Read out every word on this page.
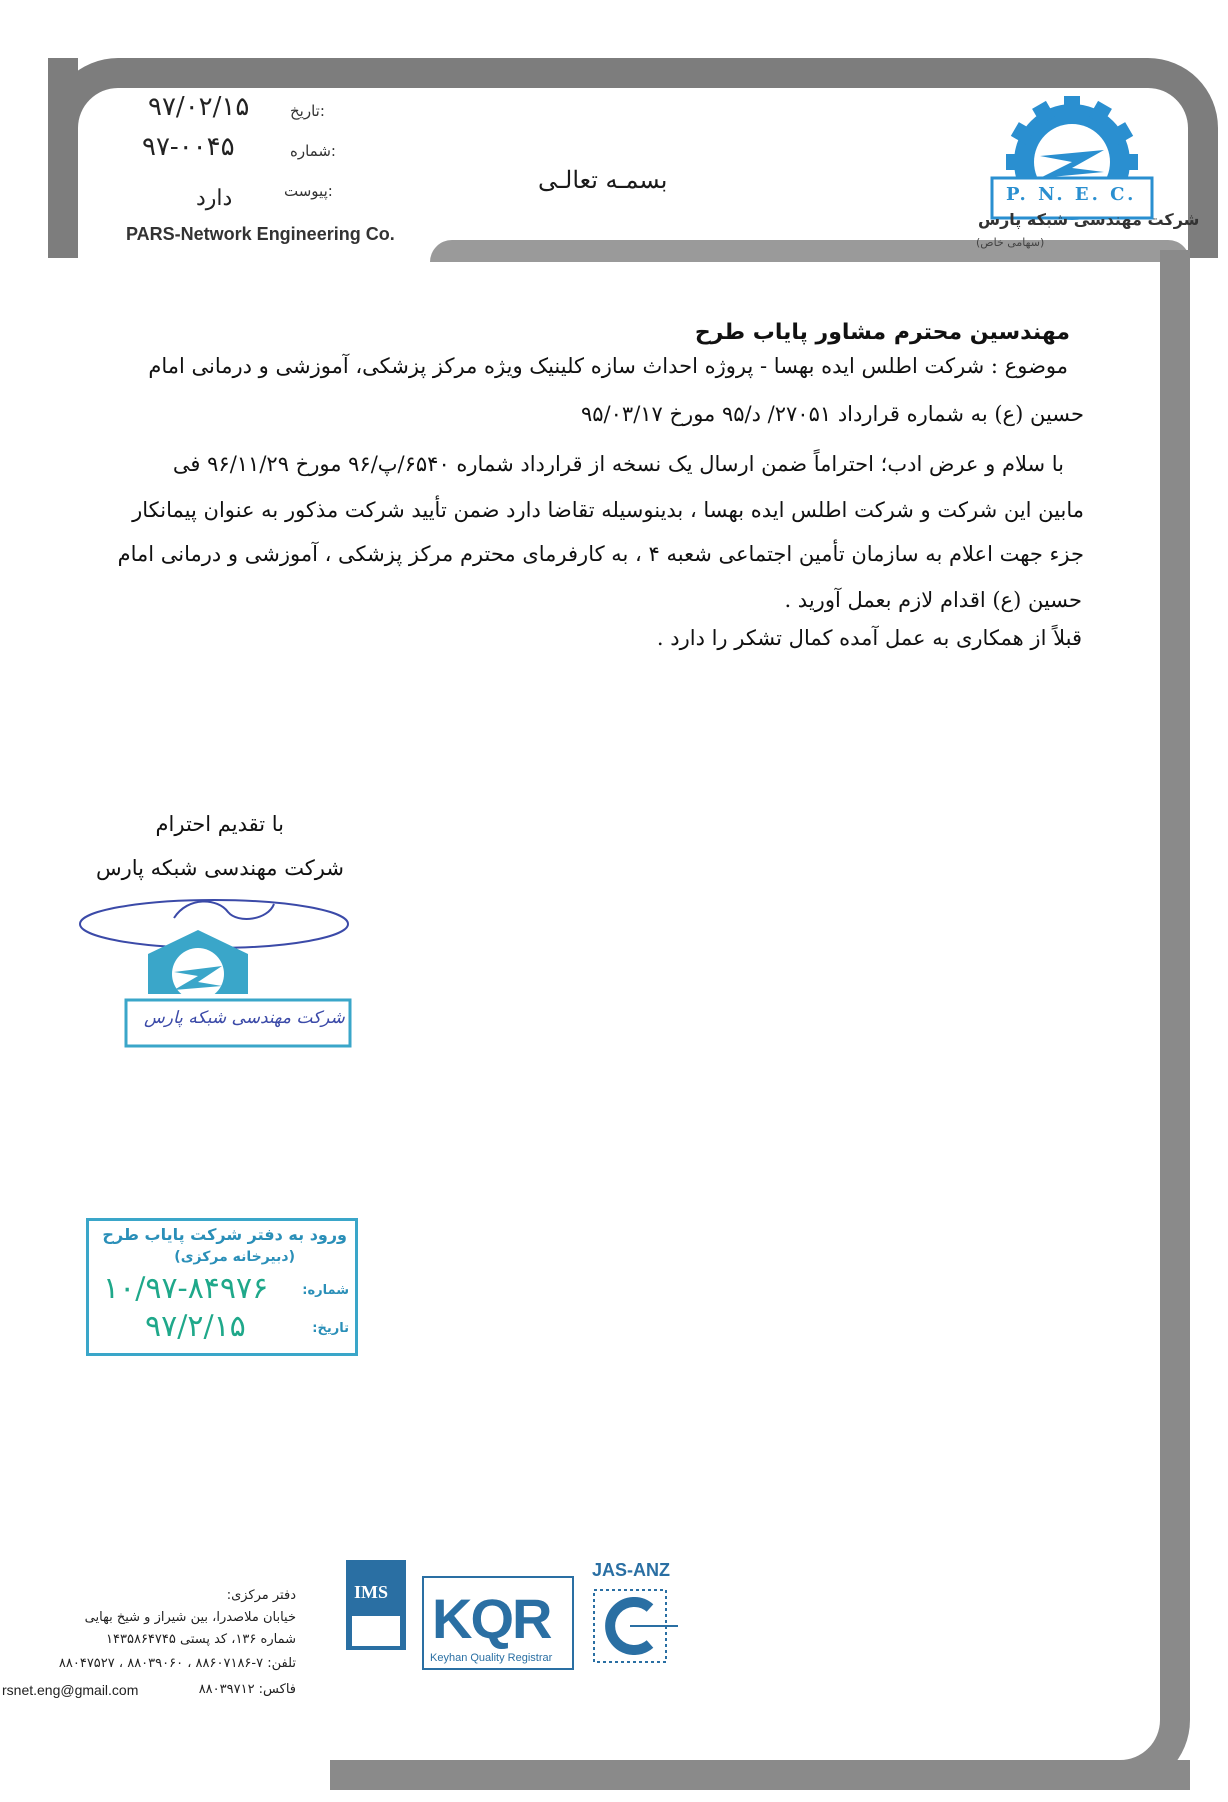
تاریخ:
۹۷/۰۲/۱۵
شماره:
۹۷-۰۰۴۵
پیوست:
دارد
بسمـه تعالـی
PARS-Network Engineering Co.
P. N. E. C.
شرکت مهندسی شبکه پارس
(سهامی خاص)
مهندسین محترم مشاور پایاب طرح
موضوع : شرکت اطلس ایده بهسا - پروژه احداث سازه کلینیک ویژه مرکز پزشکی، آموزشی و درمانی امام
حسین (ع) به شماره قرارداد ۲۷۰۵۱/ د/۹۵ مورخ ۹۵/۰۳/۱۷
با سلام و عرض ادب؛ احتراماً ضمن ارسال یک نسخه از قرارداد شماره ۶۵۴۰/پ/۹۶ مورخ ۹۶/۱۱/۲۹ فی
مابین این شرکت و شرکت اطلس ایده بهسا ، بدینوسیله تقاضا دارد ضمن تأیید شرکت مذکور به عنوان پیمانکار
جزء جهت اعلام به سازمان تأمین اجتماعی شعبه ۴ ، به کارفرمای محترم مرکز پزشکی ، آموزشی و درمانی امام
حسین (ع) اقدام لازم بعمل آورید .
قبلاً از همکاری به عمل آمده کمال تشکر را دارد .
با تقدیم احترام
شرکت مهندسی شبکه پارس
شرکت مهندسی شبکه پارس
ورود به دفتر شرکت پایاب طرح
(دبیرخانه مرکزی)
شماره:
۱۰/۹۷-۸۴۹۷۶
تاریخ:
۹۷/۲/۱۵
دفتر مرکزی:
خیابان ملاصدرا، بین شیراز و شیخ بهایی
شماره ۱۳۶، کد پستی ۱۴۳۵۸۶۴۷۴۵
تلفن: ۷-۸۸۶۰۷۱۸۶ ، ۸۸۰۳۹۰۶۰ ، ۸۸۰۴۷۵۲۷
فاکس: ۸۸۰۳۹۷۱۲
rsnet.eng@gmail.com
IMS KQR
Keyhan Quality Registrar
JAS-ANZ
